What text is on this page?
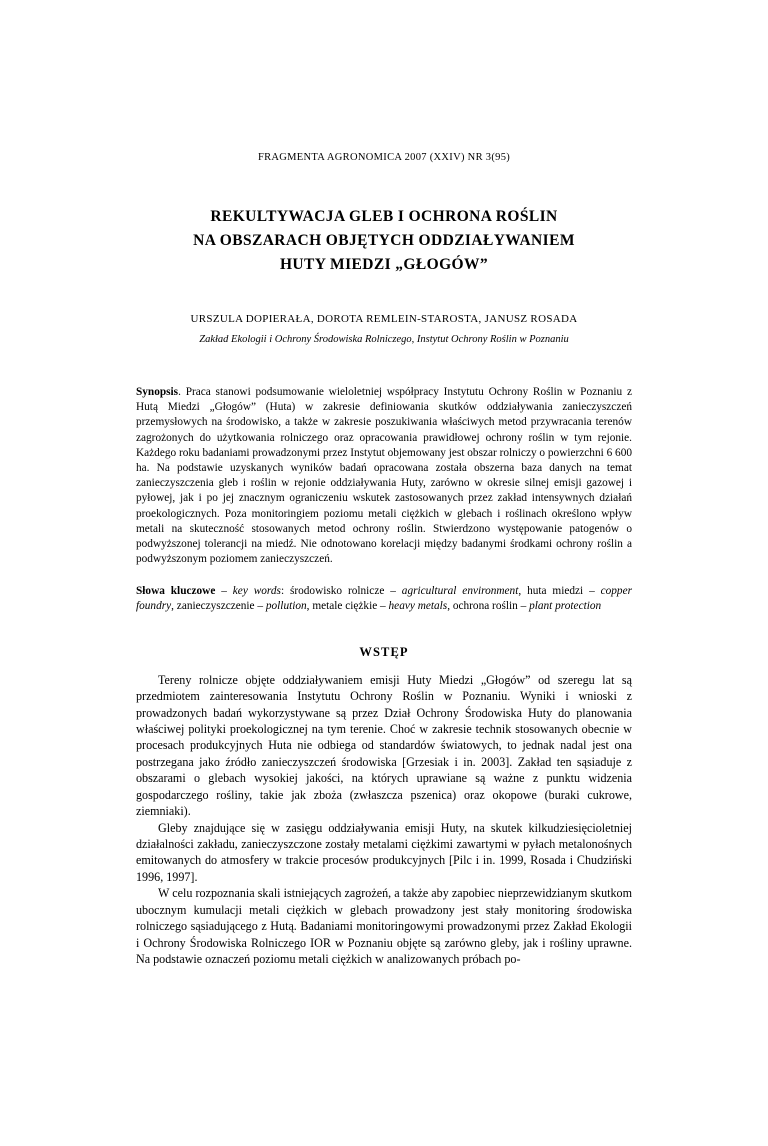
FRAGMENTA AGRONOMICA 2007 (XXIV) NR 3(95)
REKULTYWACJA GLEB I OCHRONA ROŚLIN
NA OBSZARACH OBJĘTYCH ODDZIAŁYWANIEM
HUTY MIEDZI „GŁOGÓW”
URSZULA DOPIERAŁA, DOROTA REMLEIN-STAROSTA, JANUSZ ROSADA
Zakład Ekologii i Ochrony Środowiska Rolniczego, Instytut Ochrony Roślin w Poznaniu
Synopsis. Praca stanowi podsumowanie wieloletniej współpracy Instytutu Ochrony Roślin w Poznaniu z Hutą Miedzi „Głogów” (Huta) w zakresie definiowania skutków oddziaływania zanieczyszczeń przemysłowych na środowisko, a także w zakresie poszukiwania właściwych metod przywracania terenów zagrożonych do użytkowania rolniczego oraz opracowania prawidłowej ochrony roślin w tym rejonie. Każdego roku badaniami prowadzonymi przez Instytut objemowany jest obszar rolniczy o powierzchni 6 600 ha. Na podstawie uzyskanych wyników badań opracowana została obszerna baza danych na temat zanieczyszczenia gleb i roślin w rejonie oddziaływania Huty, zarówno w okresie silnej emisji gazowej i pyłowej, jak i po jej znacznym ograniczeniu wskutek zastosowanych przez zakład intensywnych działań proekologicznych. Poza monitoringiem poziomu metali ciężkich w glebach i roślinach określono wpływ metali na skuteczność stosowanych metod ochrony roślin. Stwierdzono występowanie patogenów o podwyższonej tolerancji na miedź. Nie odnotowano korelacji między badanymi środkami ochrony roślin a podwyższonym poziomem zanieczyszczeń.
Słowa kluczowe – key words: środowisko rolnicze – agricultural environment, huta miedzi – copper foundry, zanieczyszczenie – pollution, metale ciężkie – heavy metals, ochrona roślin – plant protection
WSTĘP

Tereny rolnicze objęte oddziaływaniem emisji Huty Miedzi „Głogów” od szeregu lat są przedmiotem zainteresowania Instytutu Ochrony Roślin w Poznaniu. Wyniki i wnioski z prowadzonych badań wykorzystywane są przez Dział Ochrony Środowiska Huty do planowania właściwej polityki proekologicznej na tym terenie. Choć w zakresie technik stosowanych obecnie w procesach produkcyjnych Huta nie odbiega od standardów światowych, to jednak nadal jest ona postrzegana jako źródło zanieczyszczeń środowiska [Grzesiak i in. 2003]. Zakład ten sąsiaduje z obszarami o glebach wysokiej jakości, na których uprawiane są ważne z punktu widzenia gospodarczego rośliny, takie jak zboża (zwłaszcza pszenica) oraz okopowe (buraki cukrowe, ziemniaki).

Gleby znajdujące się w zasięgu oddziaływania emisji Huty, na skutek kilkudziesięcioletniej działalności zakładu, zanieczyszczone zostały metalami ciężkimi zawartymi w pyłach metalonośnych emitowanych do atmosfery w trakcie procesów produkcyjnych [Pilc i in. 1999, Rosada i Chudziński 1996, 1997].

W celu rozpoznania skali istniejących zagrożeń, a także aby zapobiec nieprzewidzianym skutkom ubocznym kumulacji metali ciężkich w glebach prowadzony jest stały monitoring środowiska rolniczego sąsiadującego z Hutą. Badaniami monitoringowymi prowadzonymi przez Zakład Ekologii i Ochrony Środowiska Rolniczego IOR w Poznaniu objęte są zarówno gleby, jak i rośliny uprawne. Na podstawie oznaczeń poziomu metali ciężkich w analizowanych próbach po-
